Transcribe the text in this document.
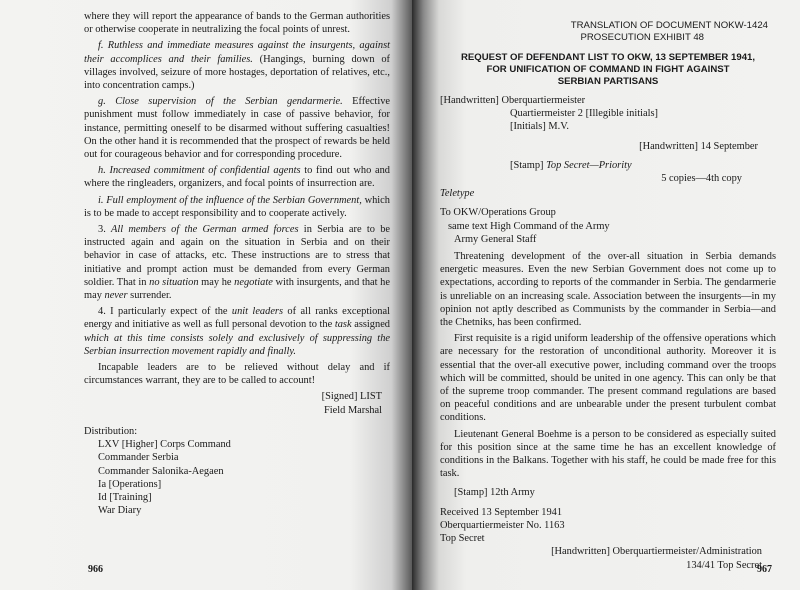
where they will report the appearance of bands to the German authorities or otherwise cooperate in neutralizing the focal points of unrest.

f. Ruthless and immediate measures against the insurgents, against their accomplices and their families. (Hangings, burning down of villages involved, seizure of more hostages, deportation of relatives, etc., into concentration camps.)

g. Close supervision of the Serbian gendarmerie. Effective punishment must follow immediately in case of passive behavior, for instance, permitting oneself to be disarmed without suffering casualties! On the other hand it is recommended that the prospect of rewards be held out for courageous behavior and for corresponding procedure.

h. Increased commitment of confidential agents to find out who and where the ringleaders, organizers, and focal points of insurrection are.

i. Full employment of the influence of the Serbian Government, which is to be made to accept responsibility and to cooperate actively.

3. All members of the German armed forces in Serbia are to be instructed again and again on the situation in Serbia and on their behavior in case of attacks, etc. These instructions are to stress that initiative and prompt action must be demanded from every German soldier. That in no situation may he negotiate with insurgents, and that he may never surrender.

4. I particularly expect of the unit leaders of all ranks exceptional energy and initiative as well as full personal devotion to the task assigned which at this time consists solely and exclusively of suppressing the Serbian insurrection movement rapidly and finally.

Incapable leaders are to be relieved without delay and if circumstances warrant, they are to be called to account!

[Signed] LIST
Field Marshal
Distribution:
LXV [Higher] Corps Command
Commander Serbia
Commander Salonika-Aegaen
Ia [Operations]
Id [Training]
War Diary
966
TRANSLATION OF DOCUMENT NOKW-1424
PROSECUTION EXHIBIT 48
REQUEST OF DEFENDANT LIST TO OKW, 13 SEPTEMBER 1941,
FOR UNIFICATION OF COMMAND IN FIGHT AGAINST
SERBIAN PARTISANS
[Handwritten] Oberquartiermeister
Quartiermeister 2 [Illegible initials]
[Initials] M.V.
[Handwritten] 14 September
[Stamp] Top Secret—Priority
5 copies—4th copy
Teletype
To OKW/Operations Group
same text High Command of the Army
Army General Staff

Threatening development of the over-all situation in Serbia demands energetic measures. Even the new Serbian Government does not come up to expectations, according to reports of the commander in Serbia. The gendarmerie is unreliable on an increasing scale. Association between the insurgents—in my opinion not aptly described as Communists by the commander in Serbia—and the Chetniks, has been confirmed.

First requisite is a rigid uniform leadership of the offensive operations which are necessary for the restoration of unconditional authority. Moreover it is essential that the over-all executive power, including command over the troops which will be committed, should be united in one agency. This can only be that of the supreme troop commander. The present command regulations are based on peaceful conditions and are unbearable under the present turbulent combat conditions.

Lieutenant General Boehme is a person to be considered as especially suited for this position since at the same time he has an excellent knowledge of conditions in the Balkans. Together with his staff, he could be made free for this task.

[Stamp] 12th Army
Received 13 September 1941
Oberquartiermeister No. 1163
Top Secret
[Handwritten] Oberquartiermeister/Administration
134/41 Top Secret
967
